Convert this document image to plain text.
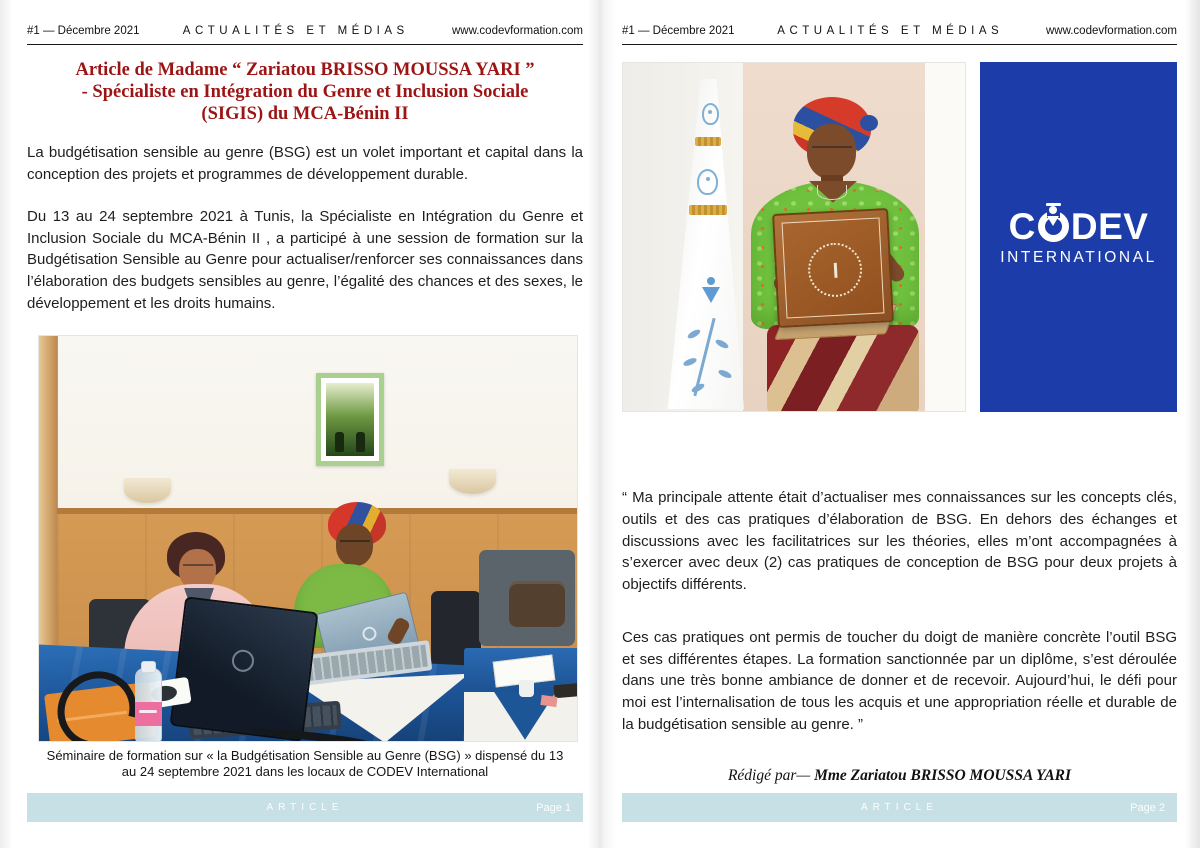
#1 — Décembre 2021	ACTUALITÉS ET MÉDIAS	www.codevformation.com
Article de Madame “ Zariatou BRISSO MOUSSA YARI ”
- Spécialiste en Intégration du Genre et Inclusion Sociale
(SIGIS) du MCA-Bénin II

La budgétisation sensible au genre (BSG) est un volet important et capital dans la conception des projets et programmes de développement durable.

Du 13 au 24 septembre 2021 à Tunis, la Spécialiste en Intégration du Genre et Inclusion Sociale du MCA-Bénin II , a participé à une session de formation sur la Budgétisation Sensible au Genre pour actualiser/renforcer ses connaissances dans l’élaboration des budgets sensibles au genre, l’égalité des chances et des sexes, le développement et les droits humains.

Séminaire de formation sur « la Budgétisation Sensible au Genre (BSG) » dispensé du 13 au 24 septembre 2021 dans les locaux de CODEV International
ARTICLE	Page 1
#1 — Décembre 2021	ACTUALITÉS ET MÉDIAS	www.codevformation.com
C DEV
INTERNATIONAL

“ Ma principale attente était d’actualiser mes connaissances sur les concepts clés, outils et des cas pratiques d’élaboration de BSG. En dehors des échanges et discussions avec les facilitatrices sur les théories, elles m’ont accompagnées à s’exercer avec deux (2) cas pratiques de conception de BSG pour deux projets à objectifs différents.

Ces cas pratiques ont permis de toucher du doigt de manière concrète l’outil BSG et ses différentes étapes. La formation sanctionnée par un diplôme, s’est déroulée dans une très bonne ambiance de donner et de recevoir. Aujourd’hui, le défi pour moi est l’internalisation de tous les acquis et une appropriation réelle et durable de la budgétisation sensible au genre. ”

Rédigé par— Mme Zariatou BRISSO MOUSSA YARI

ARTICLE	Page 2
